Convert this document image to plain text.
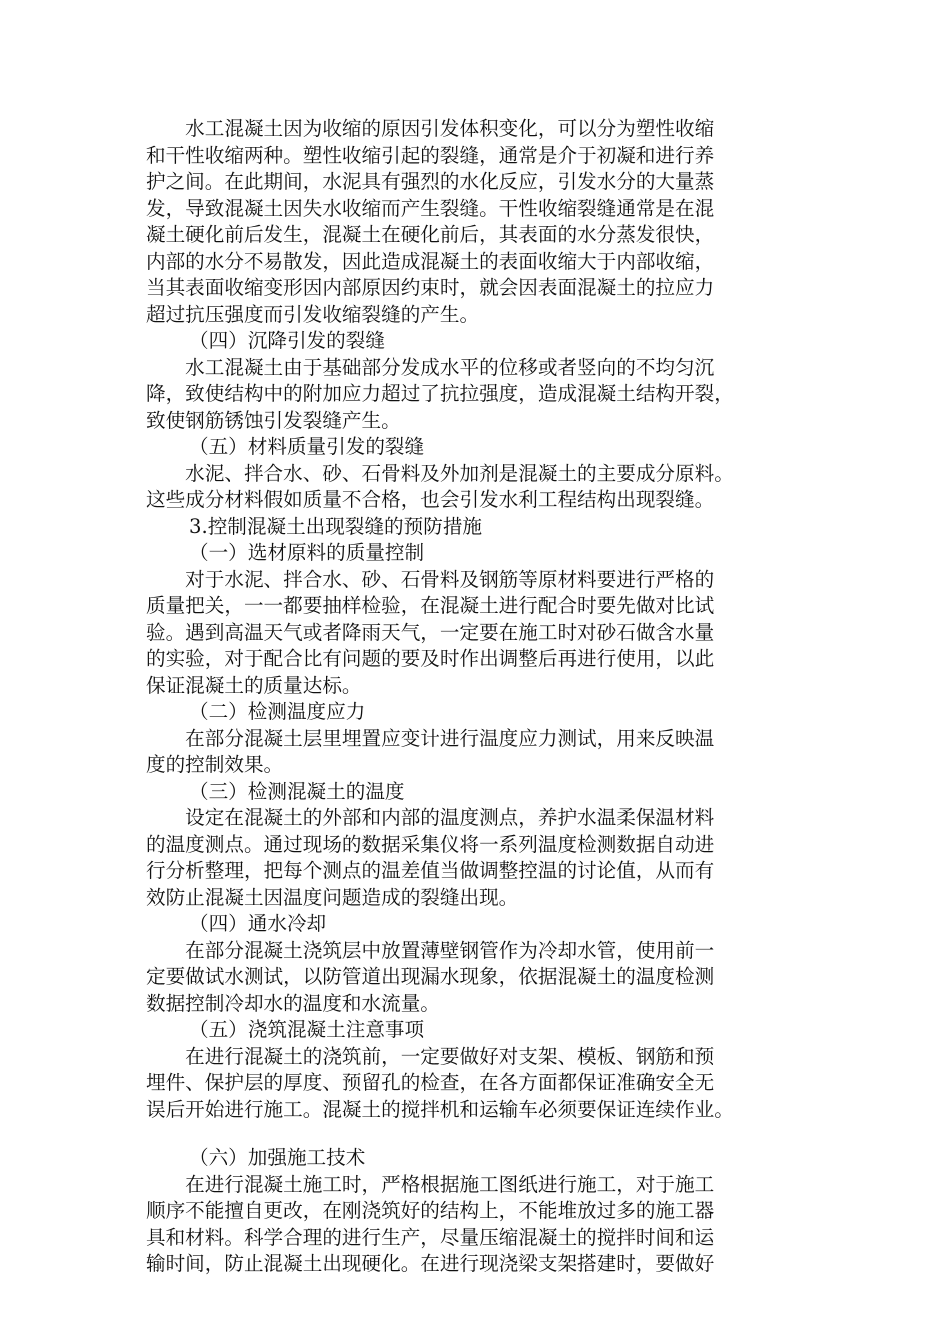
　　水工混凝土因为收缩的原因引发体积变化，可以分为塑性收缩
和干性收缩两种。塑性收缩引起的裂缝，通常是介于初凝和进行养
护之间。在此期间，水泥具有强烈的水化反应，引发水分的大量蒸
发，导致混凝土因失水收缩而产生裂缝。干性收缩裂缝通常是在混
凝土硬化前后发生，混凝土在硬化前后，其表面的水分蒸发很快，
内部的水分不易散发，因此造成混凝土的表面收缩大于内部收缩，
当其表面收缩变形因内部原因约束时，就会因表面混凝土的拉应力
超过抗压强度而引发收缩裂缝的产生。
（四）沉降引发的裂缝
　　水工混凝土由于基础部分发成水平的位移或者竖向的不均匀沉
降，致使结构中的附加应力超过了抗拉强度，造成混凝土结构开裂，
致使钢筋锈蚀引发裂缝产生。
（五）材料质量引发的裂缝
　　水泥、拌合水、砂、石骨料及外加剂是混凝土的主要成分原料。
这些成分材料假如质量不合格，也会引发水利工程结构出现裂缝。
3.控制混凝土出现裂缝的预防措施
（一）选材原料的质量控制
　　对于水泥、拌合水、砂、石骨料及钢筋等原材料要进行严格的
质量把关，一一都要抽样检验，在混凝土进行配合时要先做对比试
验。遇到高温天气或者降雨天气，一定要在施工时对砂石做含水量
的实验，对于配合比有问题的要及时作出调整后再进行使用，以此
保证混凝土的质量达标。
（二）检测温度应力
　　在部分混凝土层里埋置应变计进行温度应力测试，用来反映温
度的控制效果。
（三）检测混凝土的温度
　　设定在混凝土的外部和内部的温度测点，养护水温柔保温材料
的温度测点。通过现场的数据采集仪将一系列温度检测数据自动进
行分析整理，把每个测点的温差值当做调整控温的讨论值，从而有
效防止混凝土因温度问题造成的裂缝出现。
（四）通水冷却
　　在部分混凝土浇筑层中放置薄壁钢管作为冷却水管，使用前一
定要做试水测试，以防管道出现漏水现象，依据混凝土的温度检测
数据控制冷却水的温度和水流量。
（五）浇筑混凝土注意事项
　　在进行混凝土的浇筑前，一定要做好对支架、模板、钢筋和预
埋件、保护层的厚度、预留孔的检查，在各方面都保证准确安全无
误后开始进行施工。混凝土的搅拌机和运输车必须要保证连续作业。
（六）加强施工技术
　　在进行混凝土施工时，严格根据施工图纸进行施工，对于施工
顺序不能擅自更改，在刚浇筑好的结构上，不能堆放过多的施工器
具和材料。科学合理的进行生产，尽量压缩混凝土的搅拌时间和运
输时间，防止混凝土出现硬化。在进行现浇梁支架搭建时，要做好
